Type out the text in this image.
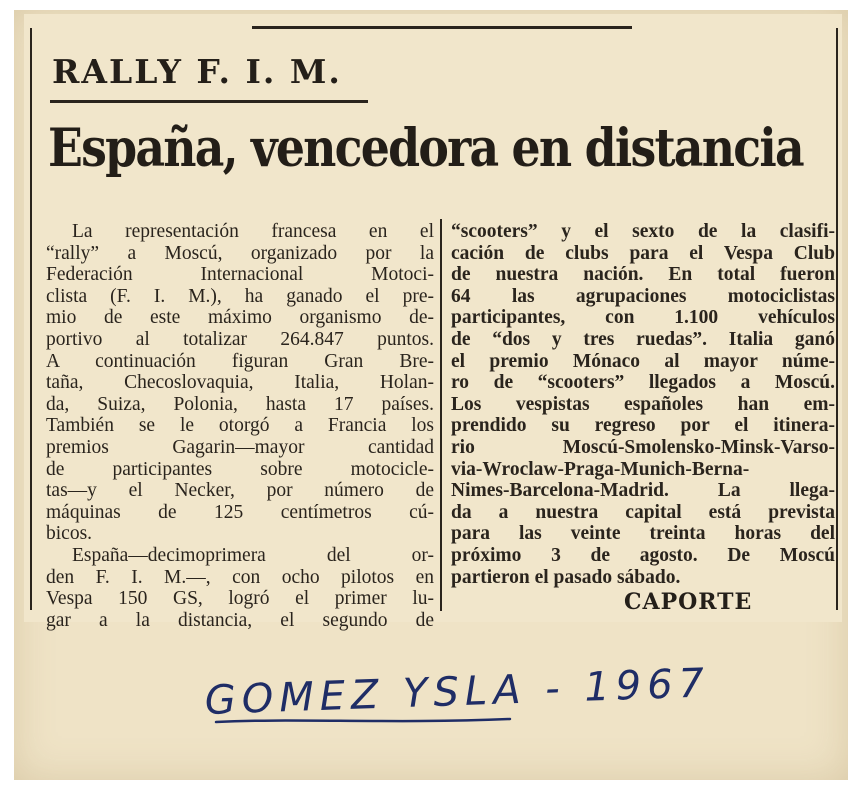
RALLY F. I. M.
España, vencedora en distancia
La representación francesa en el
“rally” a Moscú, organizado por la
Federación Internacional Motoci-
clista (F. I. M.), ha ganado el pre-
mio de este máximo organismo de-
portivo al totalizar 264.847 puntos.
A continuación figuran Gran Bre-
taña, Checoslovaquia, Italia, Holan-
da, Suiza, Polonia, hasta 17 países.
También se le otorgó a Francia los
premios Gagarin—mayor cantidad
de participantes sobre motocicle-
tas—y el Necker, por número de
máquinas de 125 centímetros cú-
bicos.
España—decimoprimera del or-
den F. I. M.—, con ocho pilotos en
Vespa 150 GS, logró el primer lu-
gar a la distancia, el segundo de
“scooters” y el sexto de la clasifi-
cación de clubs para el Vespa Club
de nuestra nación. En total fueron
64 las agrupaciones motociclistas
participantes, con 1.100 vehículos
de “dos y tres ruedas”. Italia ganó
el premio Mónaco al mayor núme-
ro de “scooters” llegados a Moscú.
Los vespistas españoles han em-
prendido su regreso por el itinera-
rio Moscú-Smolensko-Minsk-Varso-
via-Wroclaw-Praga-Munich-Berna-
Nimes-Barcelona-Madrid. La llega-
da a nuestra capital está prevista
para las veinte treinta horas del
próximo 3 de agosto. De Moscú
partieron el pasado sábado.
CAPORTE
GOMEZ YSLA - 1967
